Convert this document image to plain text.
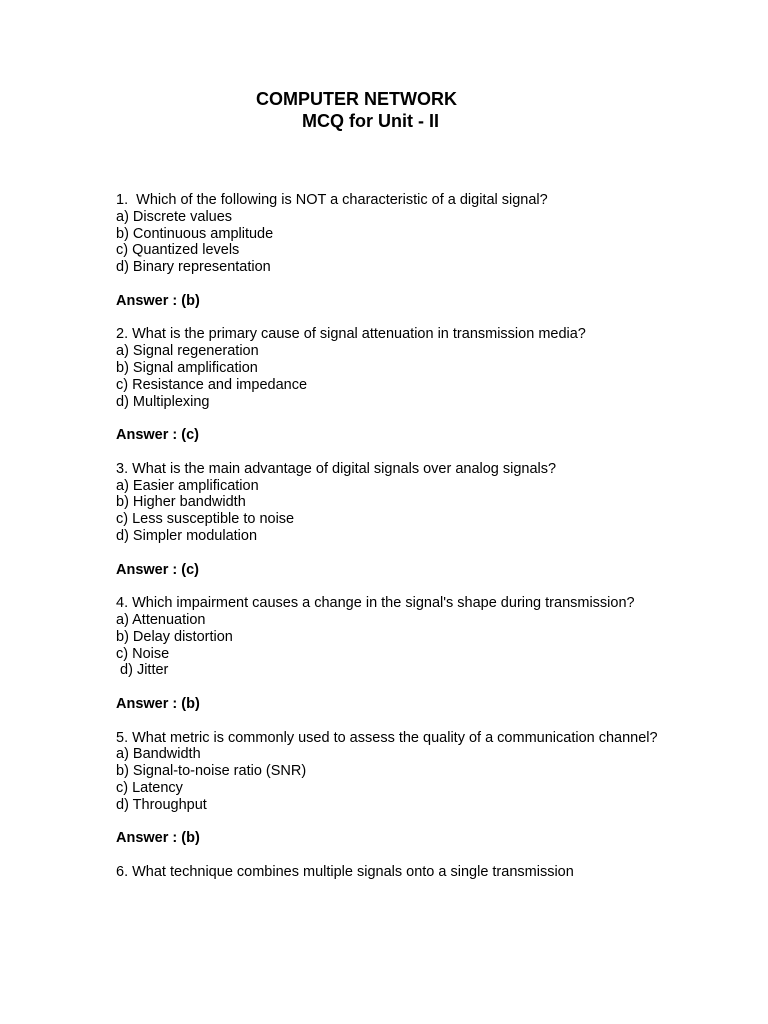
COMPUTER NETWORK
MCQ for Unit - II
1.  Which of the following is NOT a characteristic of a digital signal?
a) Discrete values
b) Continuous amplitude
c) Quantized levels
d) Binary representation
Answer : (b)
2. What is the primary cause of signal attenuation in transmission media?
a) Signal regeneration
b) Signal amplification
c) Resistance and impedance
d) Multiplexing
Answer : (c)
3. What is the main advantage of digital signals over analog signals?
a) Easier amplification
b) Higher bandwidth
c) Less susceptible to noise
d) Simpler modulation
Answer : (c)
4. Which impairment causes a change in the signal's shape during transmission?
a) Attenuation
b) Delay distortion
c) Noise
d) Jitter
Answer : (b)
5. What metric is commonly used to assess the quality of a communication channel?
a) Bandwidth
b) Signal-to-noise ratio (SNR)
c) Latency
d) Throughput
Answer : (b)
6. What technique combines multiple signals onto a single transmission
